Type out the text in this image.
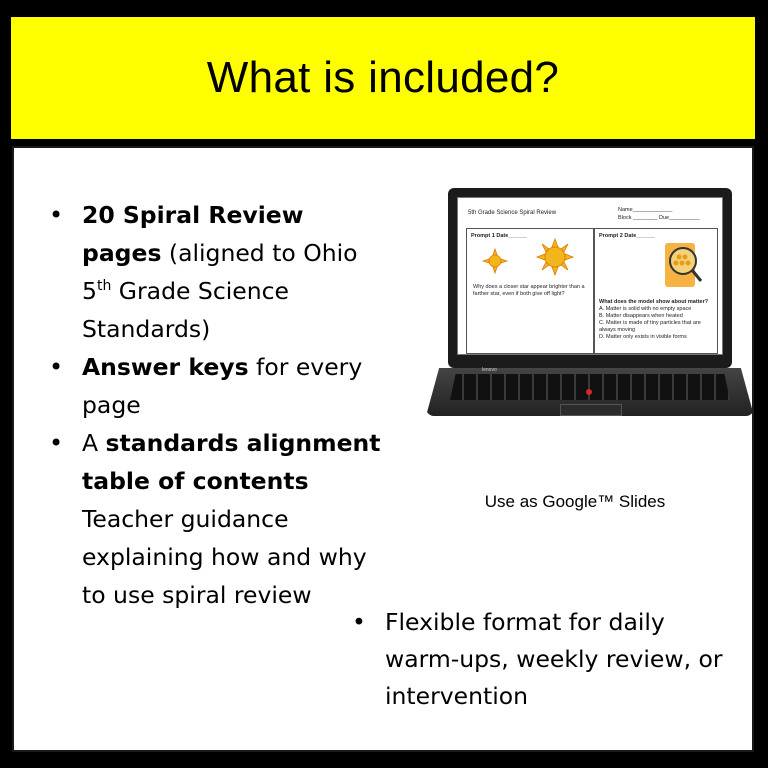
What is included?
• 20 Spiral Review pages (aligned to Ohio 5th Grade Science Standards)
• Answer keys for every page
• A standards alignment table of contents Teacher guidance explaining how and why to use spiral review
5th Grade Science Spiral Review	Name_____________
Block ________ Due__________
Prompt 1 Date______
Why does a closer star appear brighter than a farther star, even if both give off light?
Prompt 2 Date______
What does the model show about matter?
A. Matter is solid with no empty space
B. Matter disappears when heated
C. Matter is made of tiny particles that are always moving
D. Matter only exists in visible forms
lenovo
Use as Google™ Slides
• Flexible format for daily warm-ups, weekly review, or intervention
